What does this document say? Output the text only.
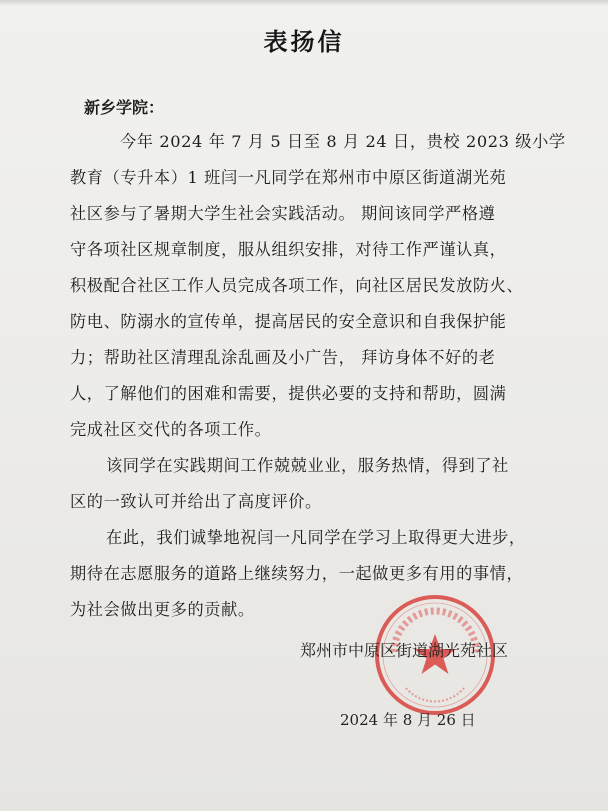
表扬信
新乡学院：
今年 2024 年 7 月 5 日至 8 月 24 日，贵校 2023 级小学
教育（专升本）1 班闫一凡同学在郑州市中原区街道湖光苑
社区参与了暑期大学生社会实践活动。 期间该同学严格遵
守各项社区规章制度，服从组织安排，对待工作严谨认真，
积极配合社区工作人员完成各项工作，向社区居民发放防火、
防电、防溺水的宣传单，提高居民的安全意识和自我保护能
力；帮助社区清理乱涂乱画及小广告， 拜访身体不好的老
人，了解他们的困难和需要，提供必要的支持和帮助，圆满
完成社区交代的各项工作。
该同学在实践期间工作兢兢业业，服务热情，得到了社
区的一致认可并给出了高度评价。
在此，我们诚挚地祝闫一凡同学在学习上取得更大进步，
期待在志愿服务的道路上继续努力，一起做更多有用的事情，
为社会做出更多的贡献。
郑州市中原区街道湖光苑社区
2024 年 8 月 26 日
